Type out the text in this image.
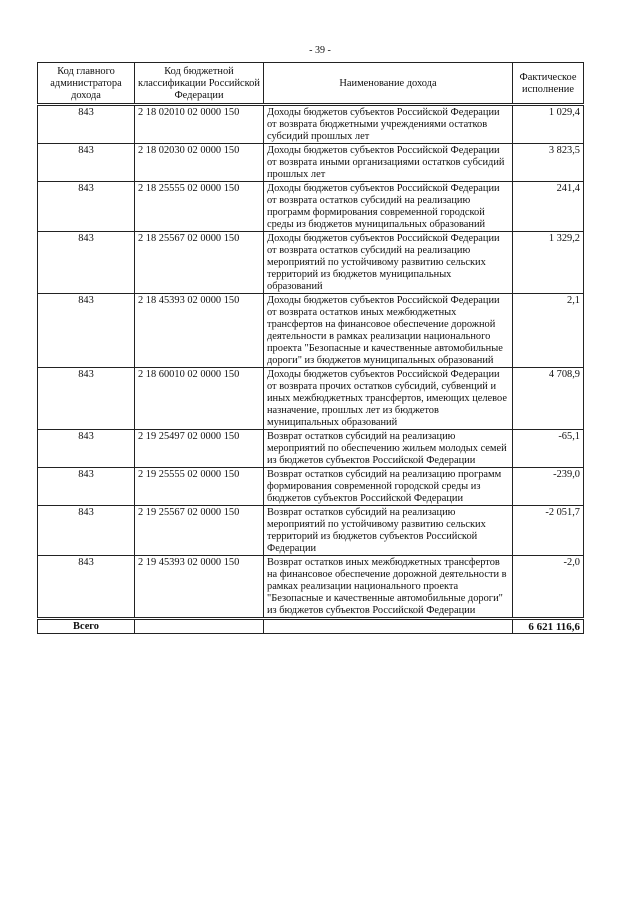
- 39 -
Код главного администратора дохода	Код бюджетной классификации Российской Федерации	Наименование дохода	Фактическое исполнение
843	2 18 02010 02 0000 150	Доходы бюджетов субъектов Российской Федерации от возврата бюджетными учреждениями остатков субсидий прошлых лет	1 029,4
843	2 18 02030 02 0000 150	Доходы бюджетов субъектов Российской Федерации от возврата иными организациями остатков субсидий прошлых лет	3 823,5
843	2 18 25555 02 0000 150	Доходы бюджетов субъектов Российской Федерации от возврата остатков субсидий на реализацию программ формирования современной городской среды из бюджетов муниципальных образований	241,4
843	2 18 25567 02 0000 150	Доходы бюджетов субъектов Российской Федерации от возврата остатков субсидий на реализацию мероприятий по устойчивому развитию сельских территорий из бюджетов муниципальных образований	1 329,2
843	2 18 45393 02 0000 150	Доходы бюджетов субъектов Российской Федерации от возврата остатков иных межбюджетных трансфертов на финансовое обеспечение дорожной деятельности в рамках реализации национального проекта "Безопасные и качественные автомобильные дороги" из бюджетов муниципальных образований	2,1
843	2 18 60010 02 0000 150	Доходы бюджетов субъектов Российской Федерации от возврата прочих остатков субсидий, субвенций и иных межбюджетных трансфертов, имеющих целевое назначение, прошлых лет из бюджетов муниципальных образований	4 708,9
843	2 19 25497 02 0000 150	Возврат остатков субсидий на реализацию мероприятий по обеспечению жильем молодых семей из бюджетов субъектов Российской Федерации	-65,1
843	2 19 25555 02 0000 150	Возврат остатков субсидий на реализацию программ формирования современной городской среды из бюджетов субъектов Российской Федерации	-239,0
843	2 19 25567 02 0000 150	Возврат остатков субсидий на реализацию мероприятий по устойчивому развитию сельских территорий из бюджетов субъектов Российской Федерации	-2 051,7
843	2 19 45393 02 0000 150	Возврат остатков иных межбюджетных трансфертов на финансовое обеспечение дорожной деятельности в рамках реализации национального проекта "Безопасные и качественные автомобильные дороги" из бюджетов субъектов Российской Федерации	-2,0
Всего			6 621 116,6
